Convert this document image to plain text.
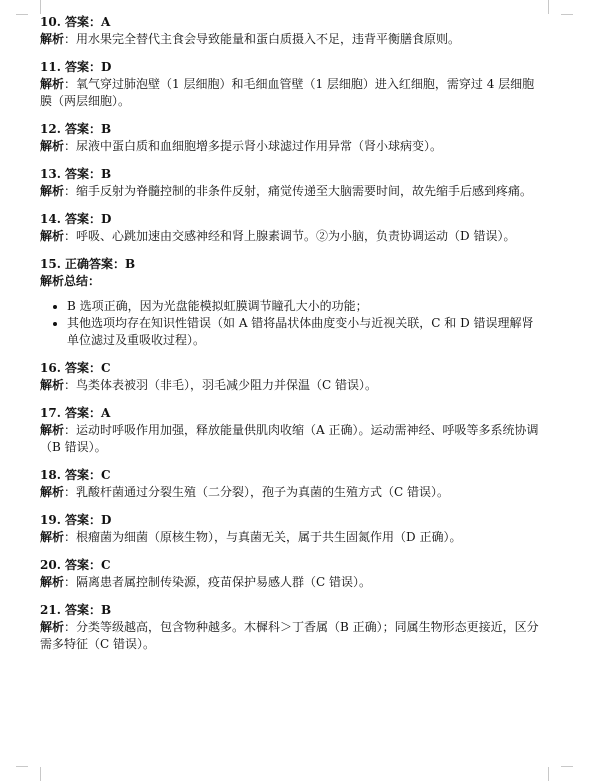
10. 答案：A
解析：用水果完全替代主食会导致能量和蛋白质摄入不足，违背平衡膳食原则。
11. 答案：D
解析：氧气穿过肺泡壁（1 层细胞）和毛细血管壁（1 层细胞）进入红细胞，需穿过 4 层细胞膜（两层细胞）。
12. 答案：B
解析：尿液中蛋白质和血细胞增多提示肾小球滤过作用异常（肾小球病变）。
13. 答案：B
解析：缩手反射为脊髓控制的非条件反射，痛觉传递至大脑需要时间，故先缩手后感到疼痛。
14. 答案：D
解析：呼吸、心跳加速由交感神经和肾上腺素调节。②为小脑，负责协调运动（D 错误）。
15. 正确答案：B
解析总结：
• B 选项正确，因为光盘能模拟虹膜调节瞳孔大小的功能；
• 其他选项均存在知识性错误（如 A 错将晶状体曲度变小与近视关联，C 和 D 错误理解肾单位滤过及重吸收过程）。
16. 答案：C
解析：鸟类体表被羽（非毛），羽毛减少阻力并保温（C 错误）。
17. 答案：A
解析：运动时呼吸作用加强，释放能量供肌肉收缩（A 正确）。运动需神经、呼吸等多系统协调（B 错误）。
18. 答案：C
解析：乳酸杆菌通过分裂生殖（二分裂），孢子为真菌的生殖方式（C 错误）。
19. 答案：D
解析：根瘤菌为细菌（原核生物），与真菌无关，属于共生固氮作用（D 正确）。
20. 答案：C
解析：隔离患者属控制传染源，疫苗保护易感人群（C 错误）。
21. 答案：B
解析：分类等级越高，包含物种越多。木樨科＞丁香属（B 正确）；同属生物形态更接近，区分需多特征（C 错误）。
